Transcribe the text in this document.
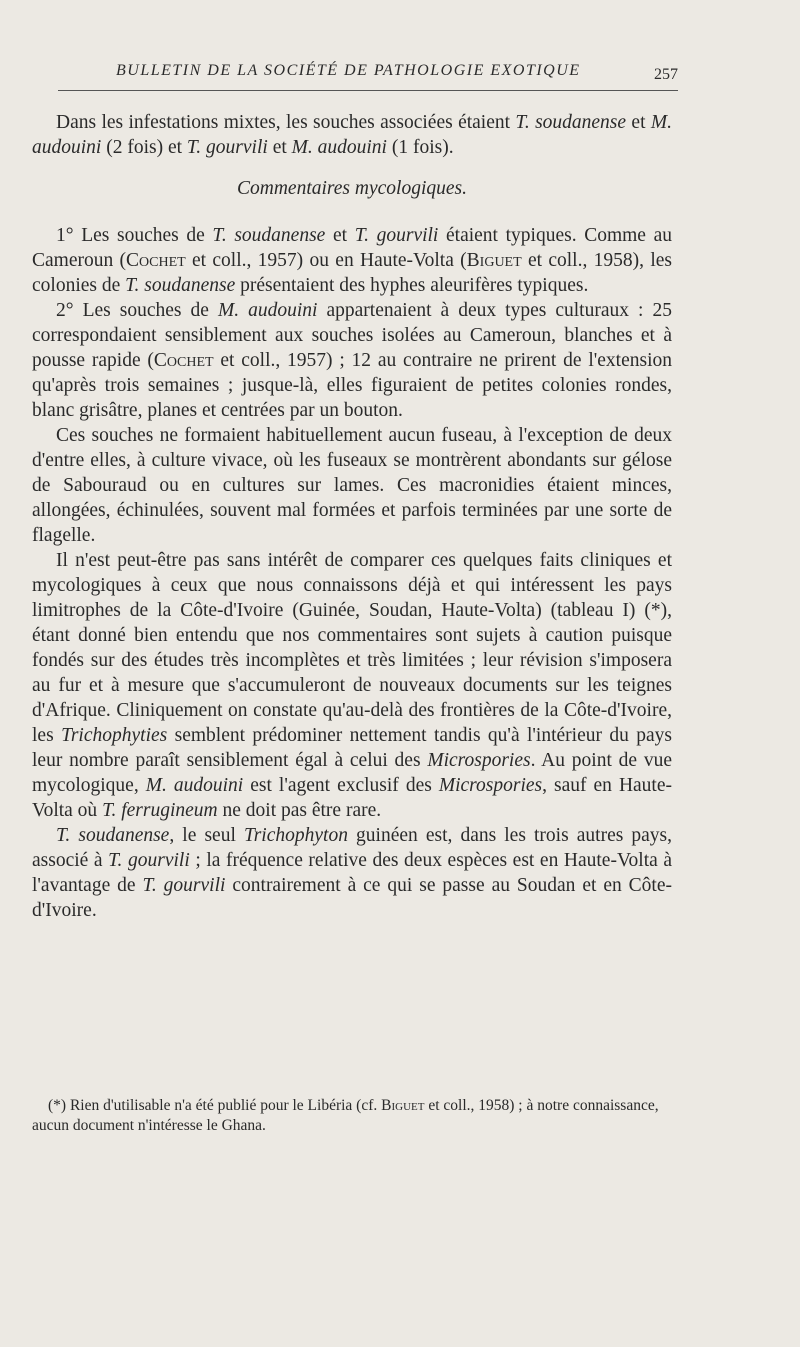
BULLETIN DE LA SOCIÉTÉ DE PATHOLOGIE EXOTIQUE	257

Dans les infestations mixtes, les souches associées étaient T. soudanense et M. audouini (2 fois) et T. gourvili et M. audouini (1 fois).

Commentaires mycologiques.

1° Les souches de T. soudanense et T. gourvili étaient typiques. Comme au Cameroun (Cochet et coll., 1957) ou en Haute-Volta (Biguet et coll., 1958), les colonies de T. soudanense présentaient des hyphes aleurifères typiques.

2° Les souches de M. audouini appartenaient à deux types culturaux : 25 correspondaient sensiblement aux souches isolées au Cameroun, blanches et à pousse rapide (Cochet et coll., 1957) ; 12 au contraire ne prirent de l'extension qu'après trois semaines ; jusque-là, elles figuraient de petites colonies rondes, blanc grisâtre, planes et centrées par un bouton.

Ces souches ne formaient habituellement aucun fuseau, à l'exception de deux d'entre elles, à culture vivace, où les fuseaux se montrèrent abondants sur gélose de Sabouraud ou en cultures sur lames. Ces macronidies étaient minces, allongées, échinulées, souvent mal formées et parfois terminées par une sorte de flagelle.

Il n'est peut-être pas sans intérêt de comparer ces quelques faits cliniques et mycologiques à ceux que nous connaissons déjà et qui intéressent les pays limitrophes de la Côte-d'Ivoire (Guinée, Soudan, Haute-Volta) (tableau I) (*), étant donné bien entendu que nos commentaires sont sujets à caution puisque fondés sur des études très incomplètes et très limitées ; leur révision s'imposera au fur et à mesure que s'accumuleront de nouveaux documents sur les teignes d'Afrique. Cliniquement on constate qu'au-delà des frontières de la Côte-d'Ivoire, les Trichophyties semblent prédominer nettement tandis qu'à l'intérieur du pays leur nombre paraît sensiblement égal à celui des Microspories. Au point de vue mycologique, M. audouini est l'agent exclusif des Microspories, sauf en Haute-Volta où T. ferrugineum ne doit pas être rare.

T. soudanense, le seul Trichophyton guinéen est, dans les trois autres pays, associé à T. gourvili ; la fréquence relative des deux espèces est en Haute-Volta à l'avantage de T. gourvili contrairement à ce qui se passe au Soudan et en Côte-d'Ivoire.

(*) Rien d'utilisable n'a été publié pour le Libéria (cf. Biguet et coll., 1958) ; à notre connaissance, aucun document n'intéresse le Ghana.
